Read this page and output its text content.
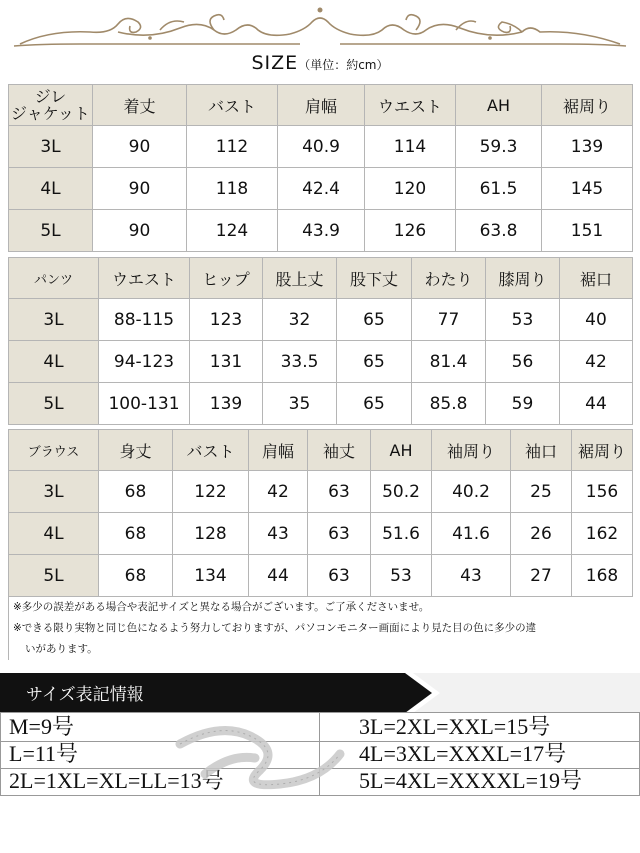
SIZE（単位：約cm）
ジレ
ジャケット	着丈	バスト	肩幅	ウエスト	AH	裾周り
3L	90	112	40.9	114	59.3	139
4L	90	118	42.4	120	61.5	145
5L	90	124	43.9	126	63.8	151
パンツ	ウエスト	ヒップ	股上丈	股下丈	わたり	膝周り	裾口
3L	88-115	123	32	65	77	53	40
4L	94-123	131	33.5	65	81.4	56	42
5L	100-131	139	35	65	85.8	59	44
ブラウス	身丈	バスト	肩幅	袖丈	AH	袖周り	袖口	裾周り
3L	68	122	42	63	50.2	40.2	25	156
4L	68	128	43	63	51.6	41.6	26	162
5L	68	134	44	63	53	43	27	168
※多少の誤差がある場合や表記サイズと異なる場合がございます。ご了承くださいませ。
※できる限り実物と同じ色になるよう努力しておりますが、パソコンモニター画面により見た目の色に多少の違
いがあります。
サイズ表記情報
M=9号	3L=2XL=XXL=15号
L=11号	4L=3XL=XXXL=17号
2L=1XL=XL=LL=13号	5L=4XL=XXXXL=19号
